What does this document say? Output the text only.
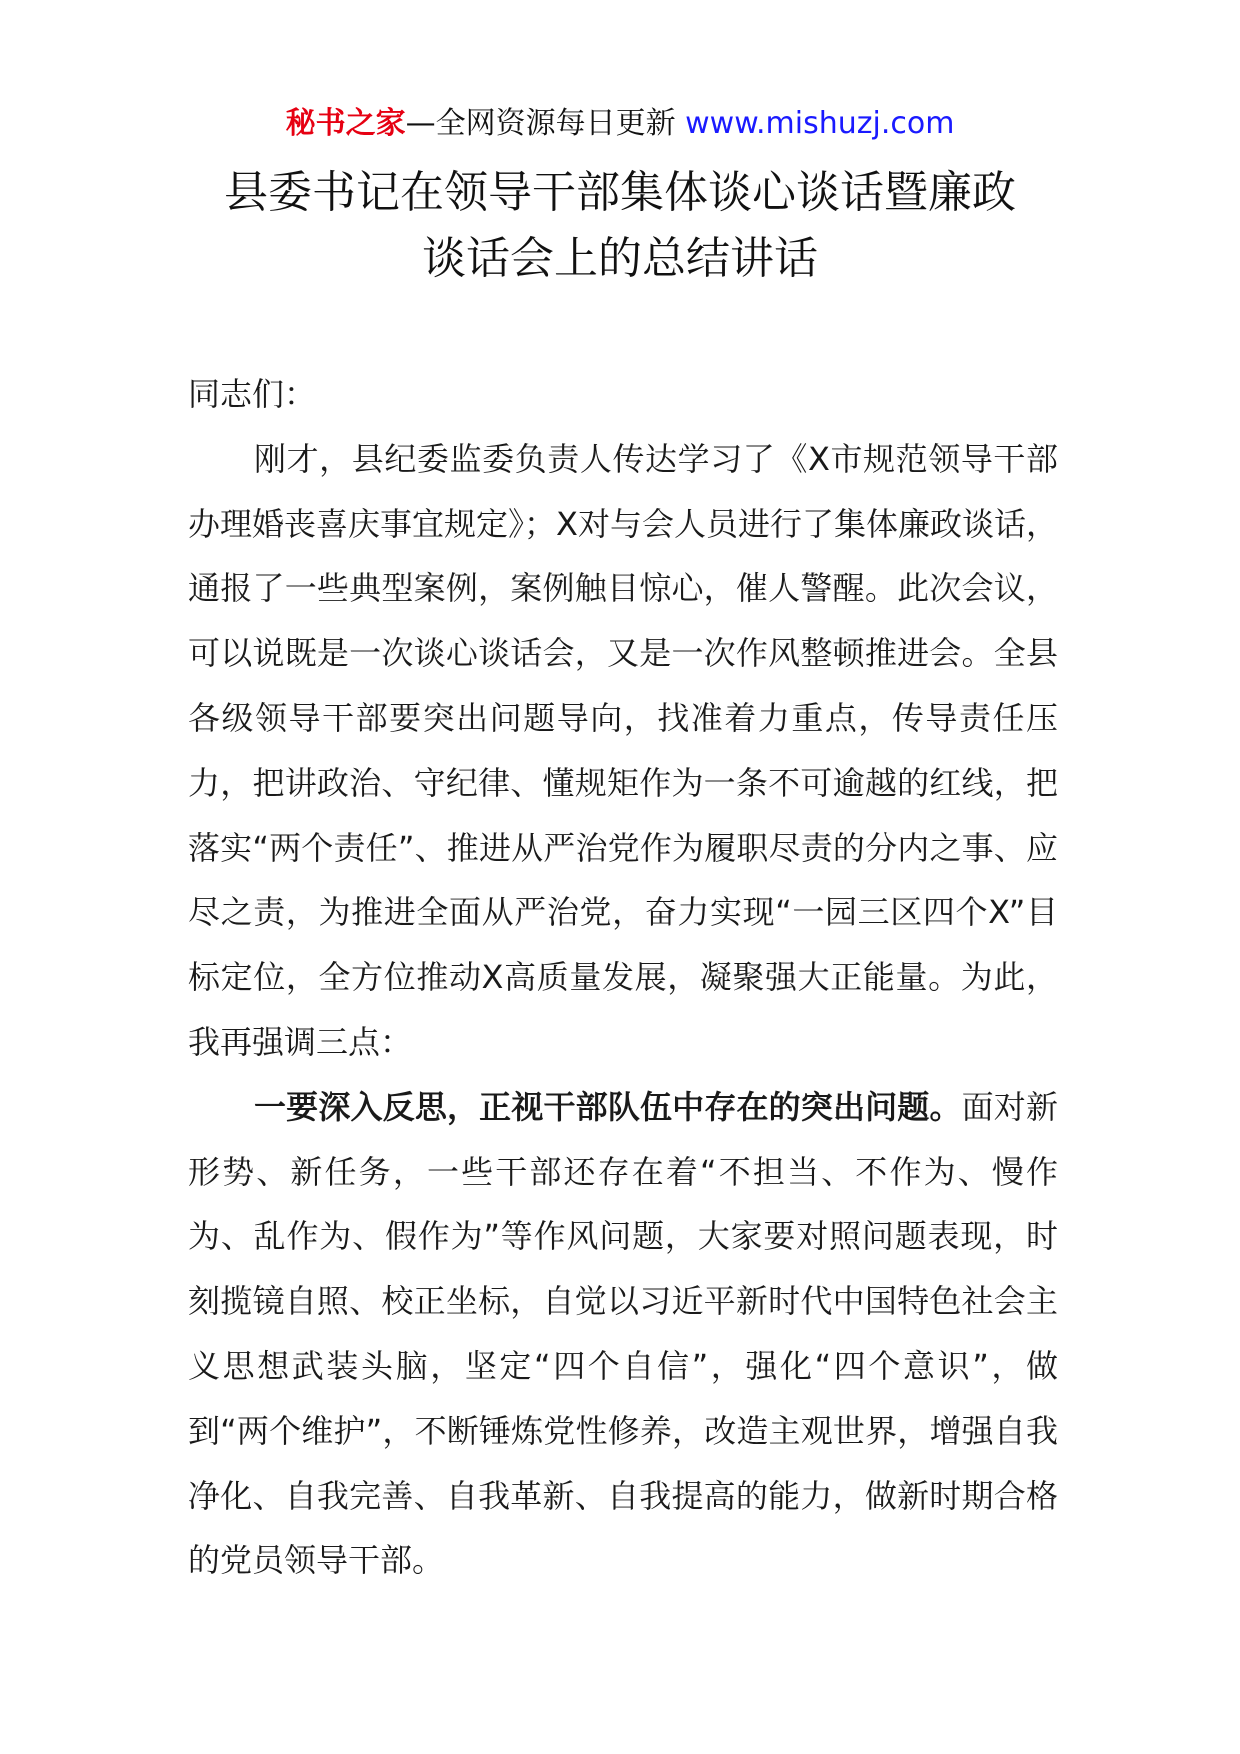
秘书之家—全网资源每日更新 www.mishuzj.com
县委书记在领导干部集体谈心谈话暨廉政
谈话会上的总结讲话

同志们：

刚才，县纪委监委负责人传达学习了《X市规范领导干部办理婚丧喜庆事宜规定》；X对与会人员进行了集体廉政谈话，通报了一些典型案例，案例触目惊心，催人警醒。此次会议，可以说既是一次谈心谈话会，又是一次作风整顿推进会。全县各级领导干部要突出问题导向，找准着力重点，传导责任压力，把讲政治、守纪律、懂规矩作为一条不可逾越的红线，把落实“两个责任”、推进从严治党作为履职尽责的分内之事、应尽之责，为推进全面从严治党，奋力实现“一园三区四个X”目标定位，全方位推动X高质量发展，凝聚强大正能量。为此，我再强调三点：

一要深入反思，正视干部队伍中存在的突出问题。面对新形势、新任务，一些干部还存在着“不担当、不作为、慢作为、乱作为、假作为”等作风问题，大家要对照问题表现，时刻揽镜自照、校正坐标，自觉以习近平新时代中国特色社会主义思想武装头脑，坚定“四个自信”，强化“四个意识”，做到“两个维护”，不断锤炼党性修养，改造主观世界，增强自我净化、自我完善、自我革新、自我提高的能力，做新时期合格的党员领导干部。
